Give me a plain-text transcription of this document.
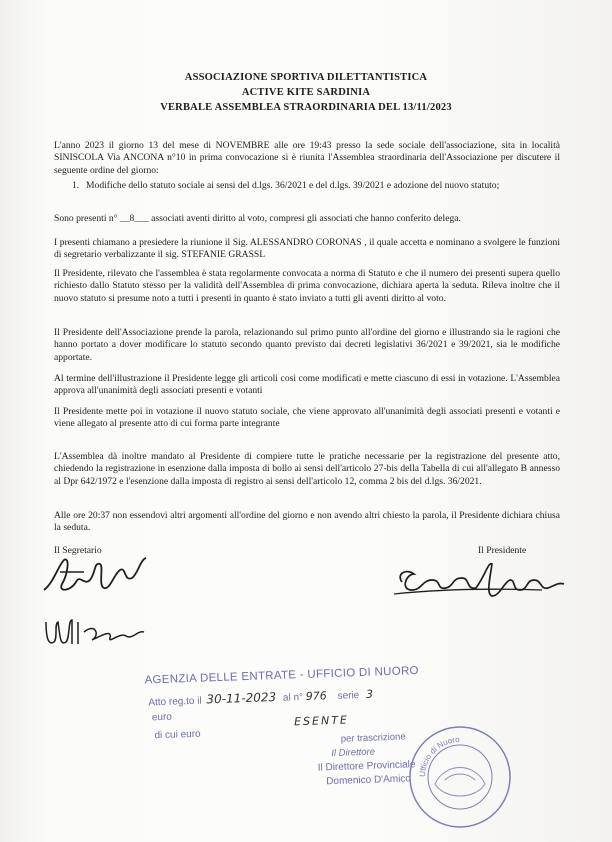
ASSOCIAZIONE SPORTIVA DILETTANTISTICA
ACTIVE KITE SARDINIA
VERBALE ASSEMBLEA STRAORDINARIA DEL 13/11/2023
L'anno 2023 il giorno 13 del mese di NOVEMBRE alle ore 19:43 presso la sede sociale dell'associazione, sita in località SINISCOLA Via ANCONA n°10 in prima convocazione si è riunita l'Assemblea straordinaria dell'Associazione per discutere il seguente ordine del giorno:
1. Modifiche dello statuto sociale ai sensi del d.lgs. 36/2021 e del d.lgs. 39/2021 e adozione del nuovo statuto;
Sono presenti n° __8___ associati aventi diritto al voto, compresi gli associati che hanno conferito delega.
I presenti chiamano a presiedere la riunione il Sig. ALESSANDRO CORONAS , il quale accetta e nominano a svolgere le funzioni di segretario verbalizzante il sig. STEFANIE GRASSL
Il Presidente, rilevato che l'assemblea è stata regolarmente convocata a norma di Statuto e che il numero dei presenti supera quello richiesto dallo Statuto stesso per la validità dell'Assemblea di prima convocazione, dichiara aperta la seduta. Rileva inoltre che il nuovo statuto si presume noto a tutti i presenti in quanto è stato inviato a tutti gli aventi diritto al voto.
Il Presidente dell'Associazione prende la parola, relazionando sul primo punto all'ordine del giorno e illustrando sia le ragioni che hanno portato a dover modificare lo statuto secondo quanto previsto dai decreti legislativi 36/2021 e 39/2021, sia le modifiche apportate.
Al termine dell'illustrazione il Presidente legge gli articoli così come modificati e mette ciascuno di essi in votazione. L'Assemblea approva all'unanimità degli associati presenti e votanti
Il Presidente mette poi in votazione il nuovo statuto sociale, che viene approvato all'unanimità degli associati presenti e votanti e viene allegato al presente atto di cui forma parte integrante
L'Assemblea dà inoltre mandato al Presidente di compiere tutte le pratiche necessarie per la registrazione del presente atto, chiedendo la registrazione in esenzione dalla imposta di bollo ai sensi dell'articolo 27-bis della Tabella di cui all'allegato B annesso al Dpr 642/1972 e l'esenzione dalla imposta di registro ai sensi dell'articolo 12, comma 2 bis del d.lgs. 36/2021.
Alle ore 20:37 non essendovi altri argomenti all'ordine del giorno e non avendo altri chiesto la parola, il Presidente dichiara chiusa la seduta.
Il Segretario	Il Presidente
AGENZIA DELLE ENTRATE - UFFICIO DI NUORO
Atto reg.to il 30-11-2023 al n° 976 serie 3
euro	ESENTE
di cui euro	per trascrizione
Il Direttore
Il Direttore Provinciale
Domenico D'Amico Ufficio di Nuoro
